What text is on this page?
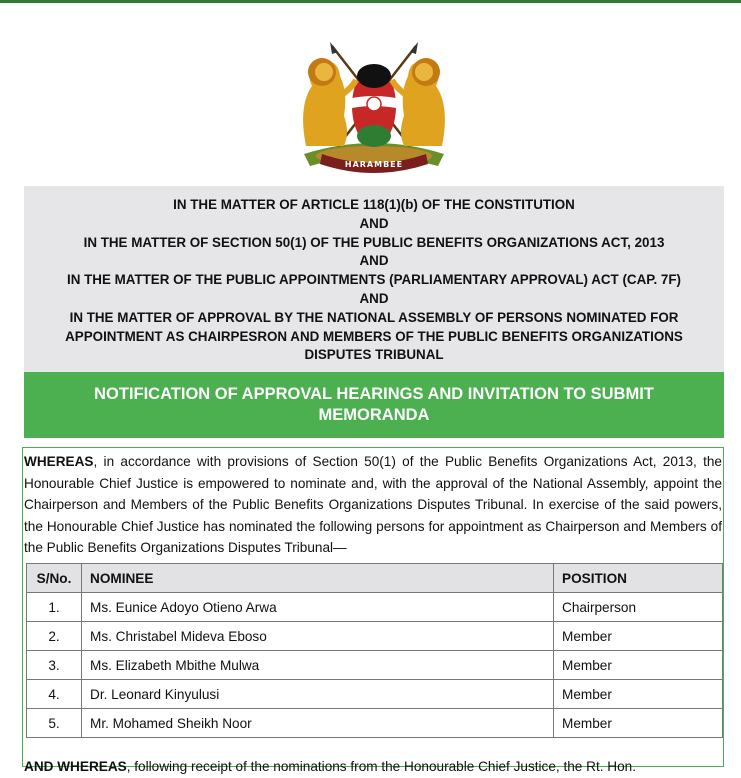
HARAMBEE
IN THE MATTER OF ARTICLE 118(1)(b) OF THE CONSTITUTION
AND
IN THE MATTER OF SECTION 50(1) OF THE PUBLIC BENEFITS ORGANIZATIONS ACT, 2013
AND
IN THE MATTER OF THE PUBLIC APPOINTMENTS (PARLIAMENTARY APPROVAL) ACT (CAP. 7F)
AND
IN THE MATTER OF APPROVAL BY THE NATIONAL ASSEMBLY OF PERSONS NOMINATED FOR
APPOINTMENT AS CHAIRPESRON AND MEMBERS OF THE PUBLIC BENEFITS ORGANIZATIONS
DISPUTES TRIBUNAL
NOTIFICATION OF APPROVAL HEARINGS AND INVITATION TO SUBMIT
MEMORANDA
WHEREAS, in accordance with provisions of Section 50(1) of the Public Benefits Organizations Act, 2013, the Honourable Chief Justice is empowered to nominate and, with the approval of the National Assembly, appoint the Chairperson and Members of the Public Benefits Organizations Disputes Tribunal. In exercise of the said powers, the Honourable Chief Justice has nominated the following persons for appointment as Chairperson and Members of the Public Benefits Organizations Disputes Tribunal—
S/No.	NOMINEE	POSITION
1.	Ms. Eunice Adoyo Otieno Arwa	Chairperson
2.	Ms. Christabel Mideva Eboso	Member
3.	Ms. Elizabeth Mbithe Mulwa	Member
4.	Dr. Leonard Kinyulusi	Member
5.	Mr. Mohamed Sheikh Noor	Member
AND WHEREAS, following receipt of the nominations from the Honourable Chief Justice, the Rt. Hon.
